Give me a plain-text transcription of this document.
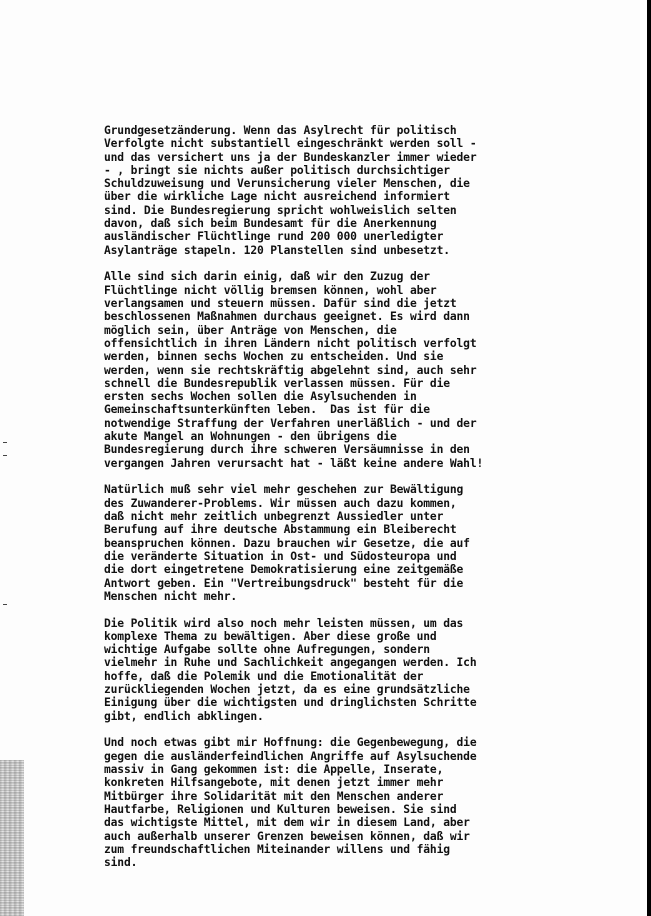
Grundgesetzänderung. Wenn das Asylrecht für politisch
Verfolgte nicht substantiell eingeschränkt werden soll -
und das versichert uns ja der Bundeskanzler immer wieder
- , bringt sie nichts außer politisch durchsichtiger
Schuldzuweisung und Verunsicherung vieler Menschen, die
über die wirkliche Lage nicht ausreichend informiert
sind. Die Bundesregierung spricht wohlweislich selten
davon, daß sich beim Bundesamt für die Anerkennung
ausländischer Flüchtlinge rund 200 000 unerledigter
Asylanträge stapeln. 120 Planstellen sind unbesetzt.
Alle sind sich darin einig, daß wir den Zuzug der
Flüchtlinge nicht völlig bremsen können, wohl aber
verlangsamen und steuern müssen. Dafür sind die jetzt
beschlossenen Maßnahmen durchaus geeignet. Es wird dann
möglich sein, über Anträge von Menschen, die
offensichtlich in ihren Ländern nicht politisch verfolgt
werden, binnen sechs Wochen zu entscheiden. Und sie
werden, wenn sie rechtskräftig abgelehnt sind, auch sehr
schnell die Bundesrepublik verlassen müssen. Für die
ersten sechs Wochen sollen die Asylsuchenden in
Gemeinschaftsunterkünften leben.  Das ist für die
notwendige Straffung der Verfahren unerläßlich - und der
akute Mangel an Wohnungen - den übrigens die
Bundesregierung durch ihre schweren Versäumnisse in den
vergangen Jahren verursacht hat - läßt keine andere Wahl!
Natürlich muß sehr viel mehr geschehen zur Bewältigung
des Zuwanderer-Problems. Wir müssen auch dazu kommen,
daß nicht mehr zeitlich unbegrenzt Aussiedler unter
Berufung auf ihre deutsche Abstammung ein Bleiberecht
beanspruchen können. Dazu brauchen wir Gesetze, die auf
die veränderte Situation in Ost- und Südosteuropa und
die dort eingetretene Demokratisierung eine zeitgemäße
Antwort geben. Ein "Vertreibungsdruck" besteht für die
Menschen nicht mehr.
Die Politik wird also noch mehr leisten müssen, um das
komplexe Thema zu bewältigen. Aber diese große und
wichtige Aufgabe sollte ohne Aufregungen, sondern
vielmehr in Ruhe und Sachlichkeit angegangen werden. Ich
hoffe, daß die Polemik und die Emotionalität der
zurückliegenden Wochen jetzt, da es eine grundsätzliche
Einigung über die wichtigsten und dringlichsten Schritte
gibt, endlich abklingen.
Und noch etwas gibt mir Hoffnung: die Gegenbewegung, die
gegen die ausländerfeindlichen Angriffe auf Asylsuchende
massiv in Gang gekommen ist: die Appelle, Inserate,
konkreten Hilfsangebote, mit denen jetzt immer mehr
Mitbürger ihre Solidarität mit den Menschen anderer
Hautfarbe, Religionen und Kulturen beweisen. Sie sind
das wichtigste Mittel, mit dem wir in diesem Land, aber
auch außerhalb unserer Grenzen beweisen können, daß wir
zum freundschaftlichen Miteinander willens und fähig
sind.
